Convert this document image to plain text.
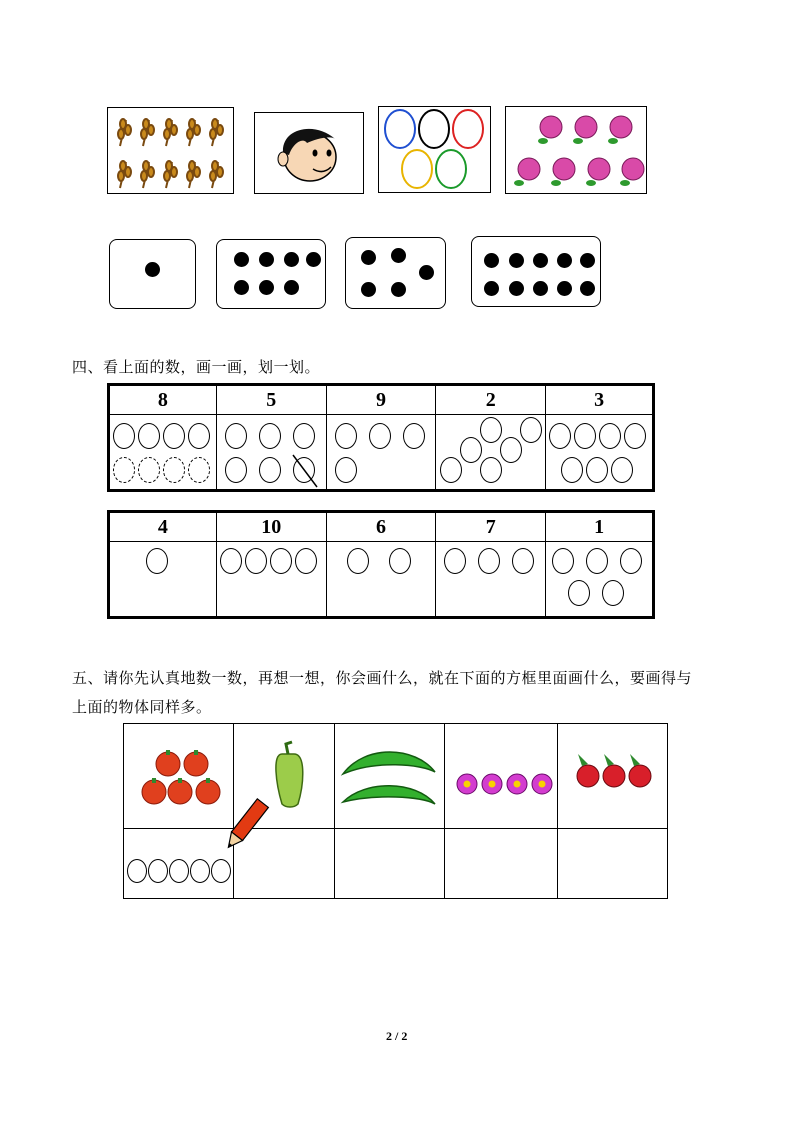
四、看上面的数，画一画，划一划。
8	5	9	2	3

4	10	6	7	1

五、请你先认真地数一数，再想一想，你会画什么，就在下面的方框里面画什么，要画得与
上面的物体同样多。

2 / 2
